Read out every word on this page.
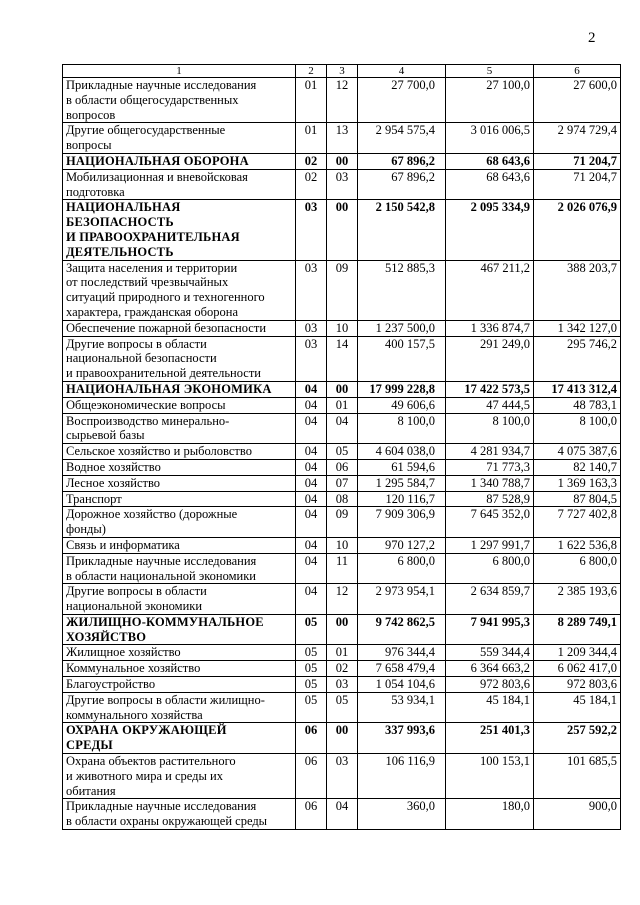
2
1	2	3	4	5	6
Прикладные научные исследования
в области общегосударственных
вопросов	01	12	27 700,0	27 100,0	27 600,0
Другие общегосударственные
вопросы	01	13	2 954 575,4	3 016 006,5	2 974 729,4
НАЦИОНАЛЬНАЯ ОБОРОНА	02	00	67 896,2	68 643,6	71 204,7
Мобилизационная и вневойсковая
подготовка	02	03	67 896,2	68 643,6	71 204,7
НАЦИОНАЛЬНАЯ
БЕЗОПАСНОСТЬ
И ПРАВООХРАНИТЕЛЬНАЯ
ДЕЯТЕЛЬНОСТЬ	03	00	2 150 542,8	2 095 334,9	2 026 076,9
Защита населения и территории
от последствий чрезвычайных
ситуаций природного и техногенного
характера, гражданская оборона	03	09	512 885,3	467 211,2	388 203,7
Обеспечение пожарной безопасности	03	10	1 237 500,0	1 336 874,7	1 342 127,0
Другие вопросы в области
национальной безопасности
и правоохранительной деятельности	03	14	400 157,5	291 249,0	295 746,2
НАЦИОНАЛЬНАЯ ЭКОНОМИКА	04	00	17 999 228,8	17 422 573,5	17 413 312,4
Общеэкономические вопросы	04	01	49 606,6	47 444,5	48 783,1
Воспроизводство минерально-
сырьевой базы	04	04	8 100,0	8 100,0	8 100,0
Сельское хозяйство и рыболовство	04	05	4 604 038,0	4 281 934,7	4 075 387,6
Водное хозяйство	04	06	61 594,6	71 773,3	82 140,7
Лесное хозяйство	04	07	1 295 584,7	1 340 788,7	1 369 163,3
Транспорт	04	08	120 116,7	87 528,9	87 804,5
Дорожное хозяйство (дорожные
фонды)	04	09	7 909 306,9	7 645 352,0	7 727 402,8
Связь и информатика	04	10	970 127,2	1 297 991,7	1 622 536,8
Прикладные научные исследования
в области национальной экономики	04	11	6 800,0	6 800,0	6 800,0
Другие вопросы в области
национальной экономики	04	12	2 973 954,1	2 634 859,7	2 385 193,6
ЖИЛИЩНО-КОММУНАЛЬНОЕ
ХОЗЯЙСТВО	05	00	9 742 862,5	7 941 995,3	8 289 749,1
Жилищное хозяйство	05	01	976 344,4	559 344,4	1 209 344,4
Коммунальное хозяйство	05	02	7 658 479,4	6 364 663,2	6 062 417,0
Благоустройство	05	03	1 054 104,6	972 803,6	972 803,6
Другие вопросы в области жилищно-
коммунального хозяйства	05	05	53 934,1	45 184,1	45 184,1
ОХРАНА ОКРУЖАЮЩЕЙ
СРЕДЫ	06	00	337 993,6	251 401,3	257 592,2
Охрана объектов растительного
и животного мира и среды их
обитания	06	03	106 116,9	100 153,1	101 685,5
Прикладные научные исследования
в области охраны окружающей среды	06	04	360,0	180,0	900,0
